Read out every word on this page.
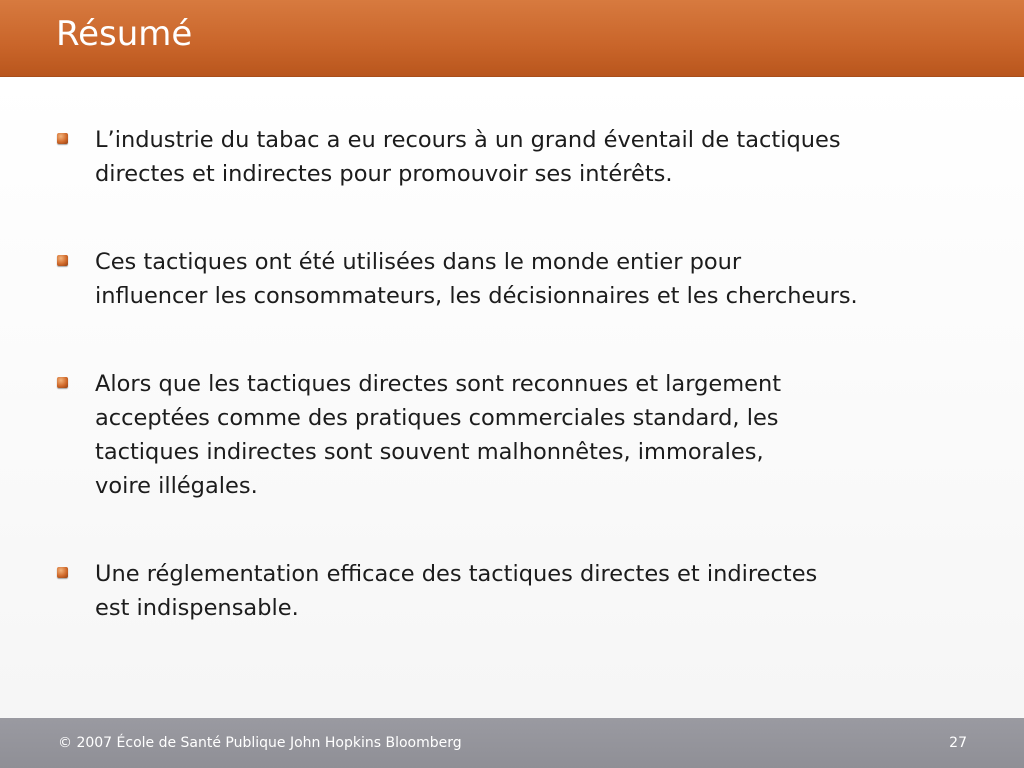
Résumé
L’industrie du tabac a eu recours à un grand éventail de tactiques
directes et indirectes pour promouvoir ses intérêts.
Ces tactiques ont été utilisées dans le monde entier pour
influencer les consommateurs, les décisionnaires et les chercheurs.
Alors que les tactiques directes sont reconnues et largement
acceptées comme des pratiques commerciales standard, les
tactiques indirectes sont souvent malhonnêtes, immorales,
voire illégales.
Une réglementation efficace des tactiques directes et indirectes
est indispensable.
© 2007 École de Santé Publique John Hopkins Bloomberg	27
